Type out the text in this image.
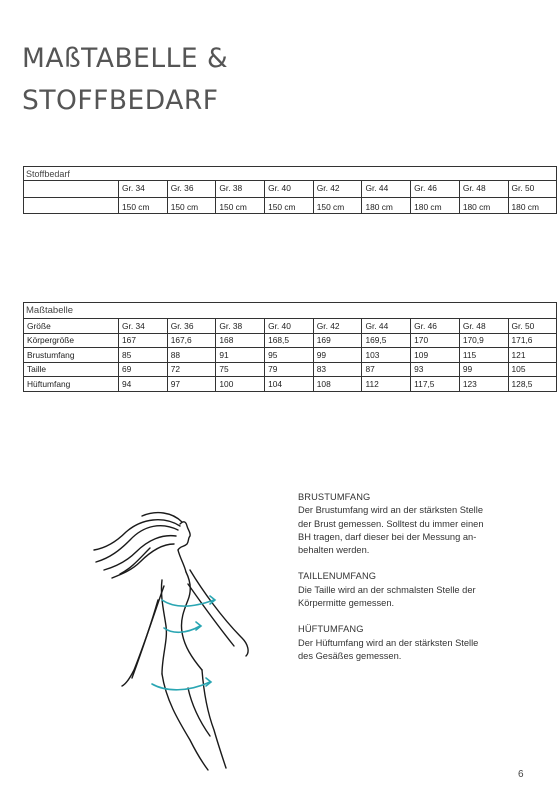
MAßTABELLE &
STOFFBEDARF
Stoffbedarf									
	Gr. 34	Gr. 36	Gr. 38	Gr. 40	Gr. 42	Gr. 44	Gr. 46	Gr. 48	Gr. 50
	150 cm	150 cm	150 cm	150 cm	150 cm	180 cm	180 cm	180 cm	180 cm
Maßtabelle									
Größe	Gr. 34	Gr. 36	Gr. 38	Gr. 40	Gr. 42	Gr. 44	Gr. 46	Gr. 48	Gr. 50
Körpergröße	167	167,6	168	168,5	169	169,5	170	170,9	171,6
Brustumfang	85	88	91	95	99	103	109	115	121
Taille	69	72	75	79	83	87	93	99	105
Hüftumfang	94	97	100	104	108	112	117,5	123	128,5
BRUSTUMFANG
Der Brustumfang wird an der stärksten Stelle
der Brust gemessen. Solltest du immer einen
BH tragen, darf dieser bei der Messung an-
behalten werden.
TAILLENUMFANG
Die Taille wird an der schmalsten Stelle der
Körpermitte gemessen.
HÜFTUMFANG
Der Hüftumfang wird an der stärksten Stelle
des Gesäßes gemessen.
6
